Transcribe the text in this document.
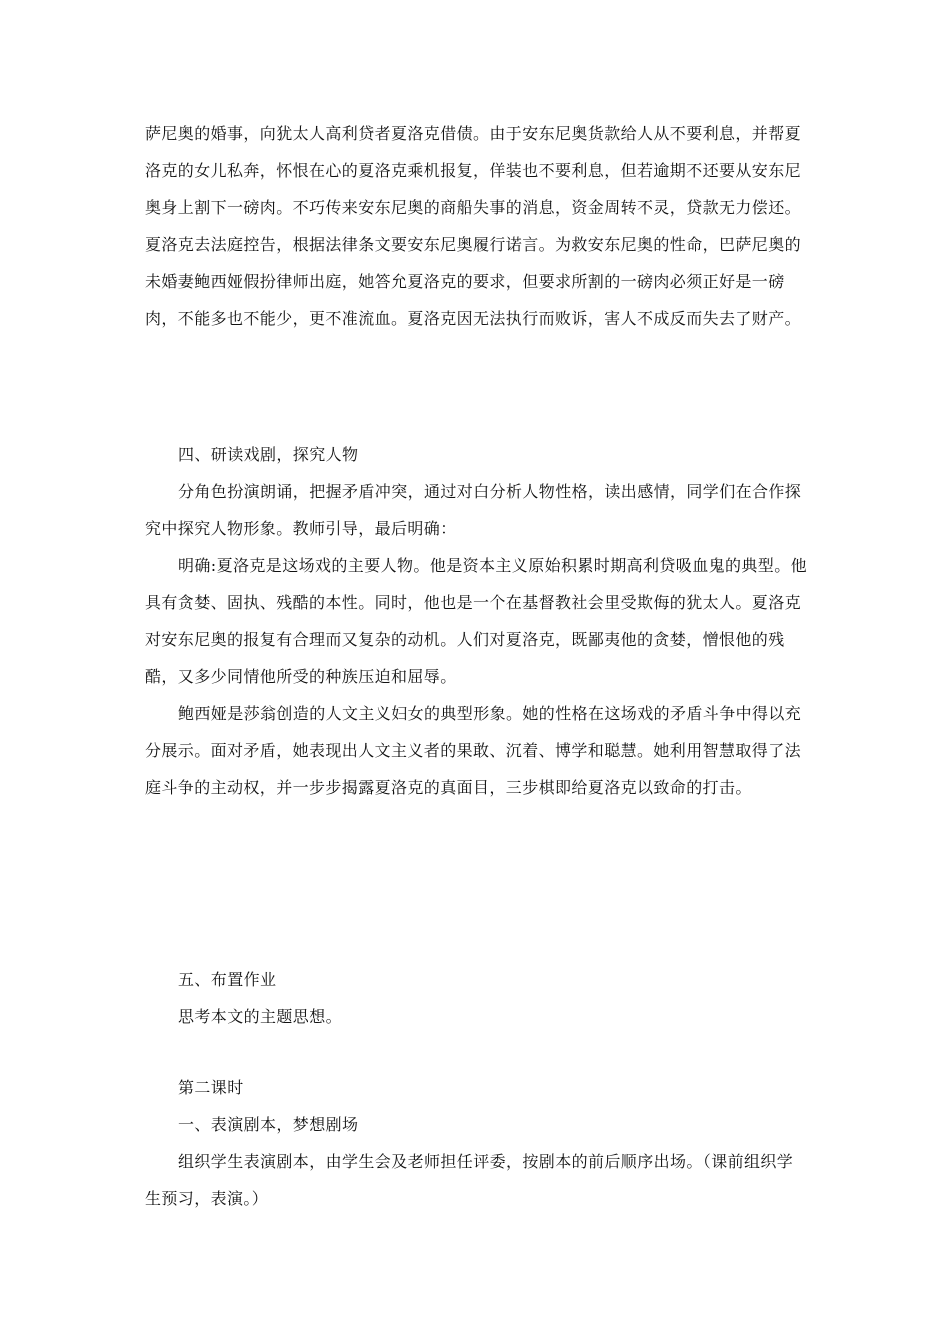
萨尼奥的婚事，向犹太人高利贷者夏洛克借债。由于安东尼奥货款给人从不要利息，并帮夏洛克的女儿私奔，怀恨在心的夏洛克乘机报复，佯装也不要利息，但若逾期不还要从安东尼奥身上割下一磅肉。不巧传来安东尼奥的商船失事的消息，资金周转不灵，贷款无力偿还。夏洛克去法庭控告，根据法律条文要安东尼奥履行诺言。为救安东尼奥的性命，巴萨尼奥的未婚妻鲍西娅假扮律师出庭，她答允夏洛克的要求，但要求所割的一磅肉必须正好是一磅肉，不能多也不能少，更不准流血。夏洛克因无法执行而败诉，害人不成反而失去了财产。

四、研读戏剧，探究人物

分角色扮演朗诵，把握矛盾冲突，通过对白分析人物性格，读出感情，同学们在合作探究中探究人物形象。教师引导，最后明确：

明确:夏洛克是这场戏的主要人物。他是资本主义原始积累时期高利贷吸血鬼的典型。他具有贪婪、固执、残酷的本性。同时，他也是一个在基督教社会里受欺侮的犹太人。夏洛克对安东尼奥的报复有合理而又复杂的动机。人们对夏洛克，既鄙夷他的贪婪，憎恨他的残酷，又多少同情他所受的种族压迫和屈辱。

鲍西娅是莎翁创造的人文主义妇女的典型形象。她的性格在这场戏的矛盾斗争中得以充分展示。面对矛盾，她表现出人文主义者的果敢、沉着、博学和聪慧。她利用智慧取得了法庭斗争的主动权，并一步步揭露夏洛克的真面目，三步棋即给夏洛克以致命的打击。

五、布置作业

思考本文的主题思想。

第二课时

一、表演剧本，梦想剧场

组织学生表演剧本，由学生会及老师担任评委，按剧本的前后顺序出场。（课前组织学生预习，表演。）
